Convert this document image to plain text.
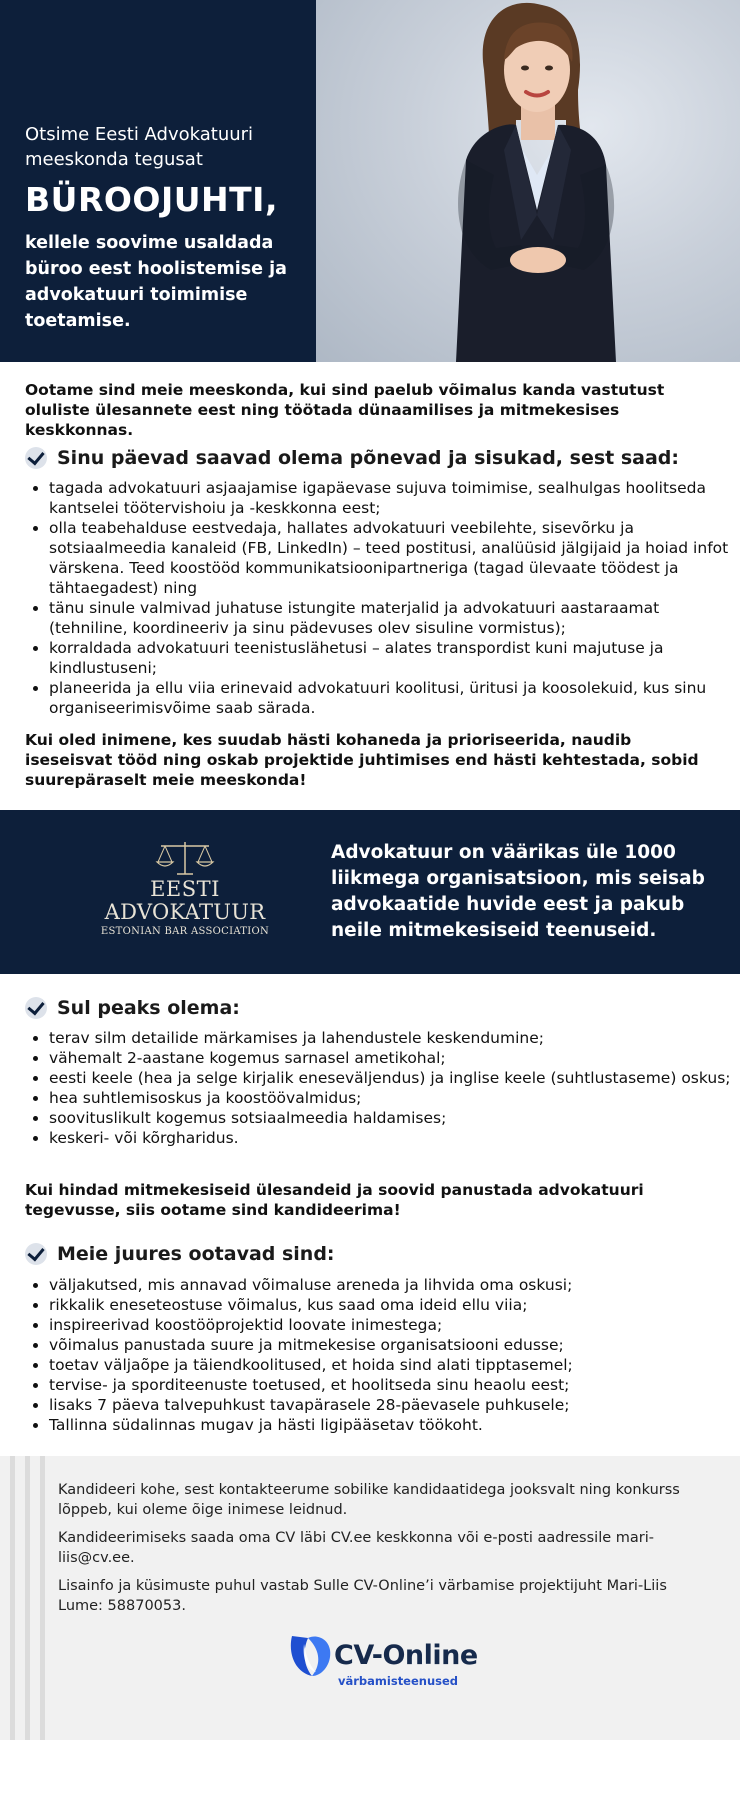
Otsime Eesti Advokatuuri meeskonda tegusat
BÜROOJUHTI,
kellele soovime usaldada büroo eest hoolistemise ja advokatuuri toimimise toetamise.
Ootame sind meie meeskonda, kui sind paelub võimalus kanda vastutust oluliste ülesannete eest ning töötada dünaamilises ja mitmekesises keskkonnas.
Sinu päevad saavad olema põnevad ja sisukad, sest saad:
• tagada advokatuuri asjaajamise igapäevase sujuva toimimise, sealhulgas hoolitseda kantselei töötervishoiu ja -keskkonna eest;
• olla teabehalduse eestvedaja, hallates advokatuuri veebilehte, sisevõrku ja sotsiaalmeedia kanaleid (FB, LinkedIn) – teed postitusi, analüüsid jälgijaid ja hoiad infot värskena. Teed koostööd kommunikatsioonipartneriga (tagad ülevaate töödest ja tähtaegadest) ning
• tänu sinule valmivad juhatuse istungite materjalid ja advokatuuri aastaraamat (tehniline, koordineeriv ja sinu pädevuses olev sisuline vormistus);
• korraldada advokatuuri teenistuslähetusi – alates transpordist kuni majutuse ja kindlustuseni;
• planeerida ja ellu viia erinevaid advokatuuri koolitusi, üritusi ja koosolekuid, kus sinu organiseerimisvõime saab särada.
Kui oled inimene, kes suudab hästi kohaneda ja prioriseerida, naudib iseseisvat tööd ning oskab projektide juhtimises end hästi kehtestada, sobid suurepäraselt meie meeskonda!
EESTI
ADVOKATUUR
ESTONIAN BAR ASSOCIATION
Advokatuur on väärikas üle 1000 liikmega organisatsioon, mis seisab advokaatide huvide eest ja pakub neile mitmekesiseid teenuseid.
Sul peaks olema:
• terav silm detailide märkamises ja lahendustele keskendumine;
• vähemalt 2-aastane kogemus sarnasel ametikohal;
• eesti keele (hea ja selge kirjalik eneseväljendus) ja inglise keele (suhtlustaseme) oskus;
• hea suhtlemisoskus ja koostöövalmidus;
• soovituslikult kogemus sotsiaalmeedia haldamises;
• keskeri- või kõrgharidus.
Kui hindad mitmekesiseid ülesandeid ja soovid panustada advokatuuri tegevusse, siis ootame sind kandideerima!
Meie juures ootavad sind:
• väljakutsed, mis annavad võimaluse areneda ja lihvida oma oskusi;
• rikkalik eneseteostuse võimalus, kus saad oma ideid ellu viia;
• inspireerivad koostööprojektid loovate inimestega;
• võimalus panustada suure ja mitmekesise organisatsiooni edusse;
• toetav väljaõpe ja täiendkoolitused, et hoida sind alati tipptasemel;
• tervise- ja sporditeenuste toetused, et hoolitseda sinu heaolu eest;
• lisaks 7 päeva talvepuhkust tavapärasele 28-päevasele puhkusele;
• Tallinna südalinnas mugav ja hästi ligipääsetav töökoht.

Kandideeri kohe, sest kontakteerume sobilike kandidaatidega jooksvalt ning konkurss lõppeb, kui oleme õige inimese leidnud.

Kandideerimiseks saada oma CV läbi CV.ee keskkonna või e-posti aadressile mari-liis@cv.ee.

Lisainfo ja küsimuste puhul vastab Sulle CV-Online’i värbamise projektijuht Mari-Liis Lume: 58870053.

CV-Online
värbamisteenused
